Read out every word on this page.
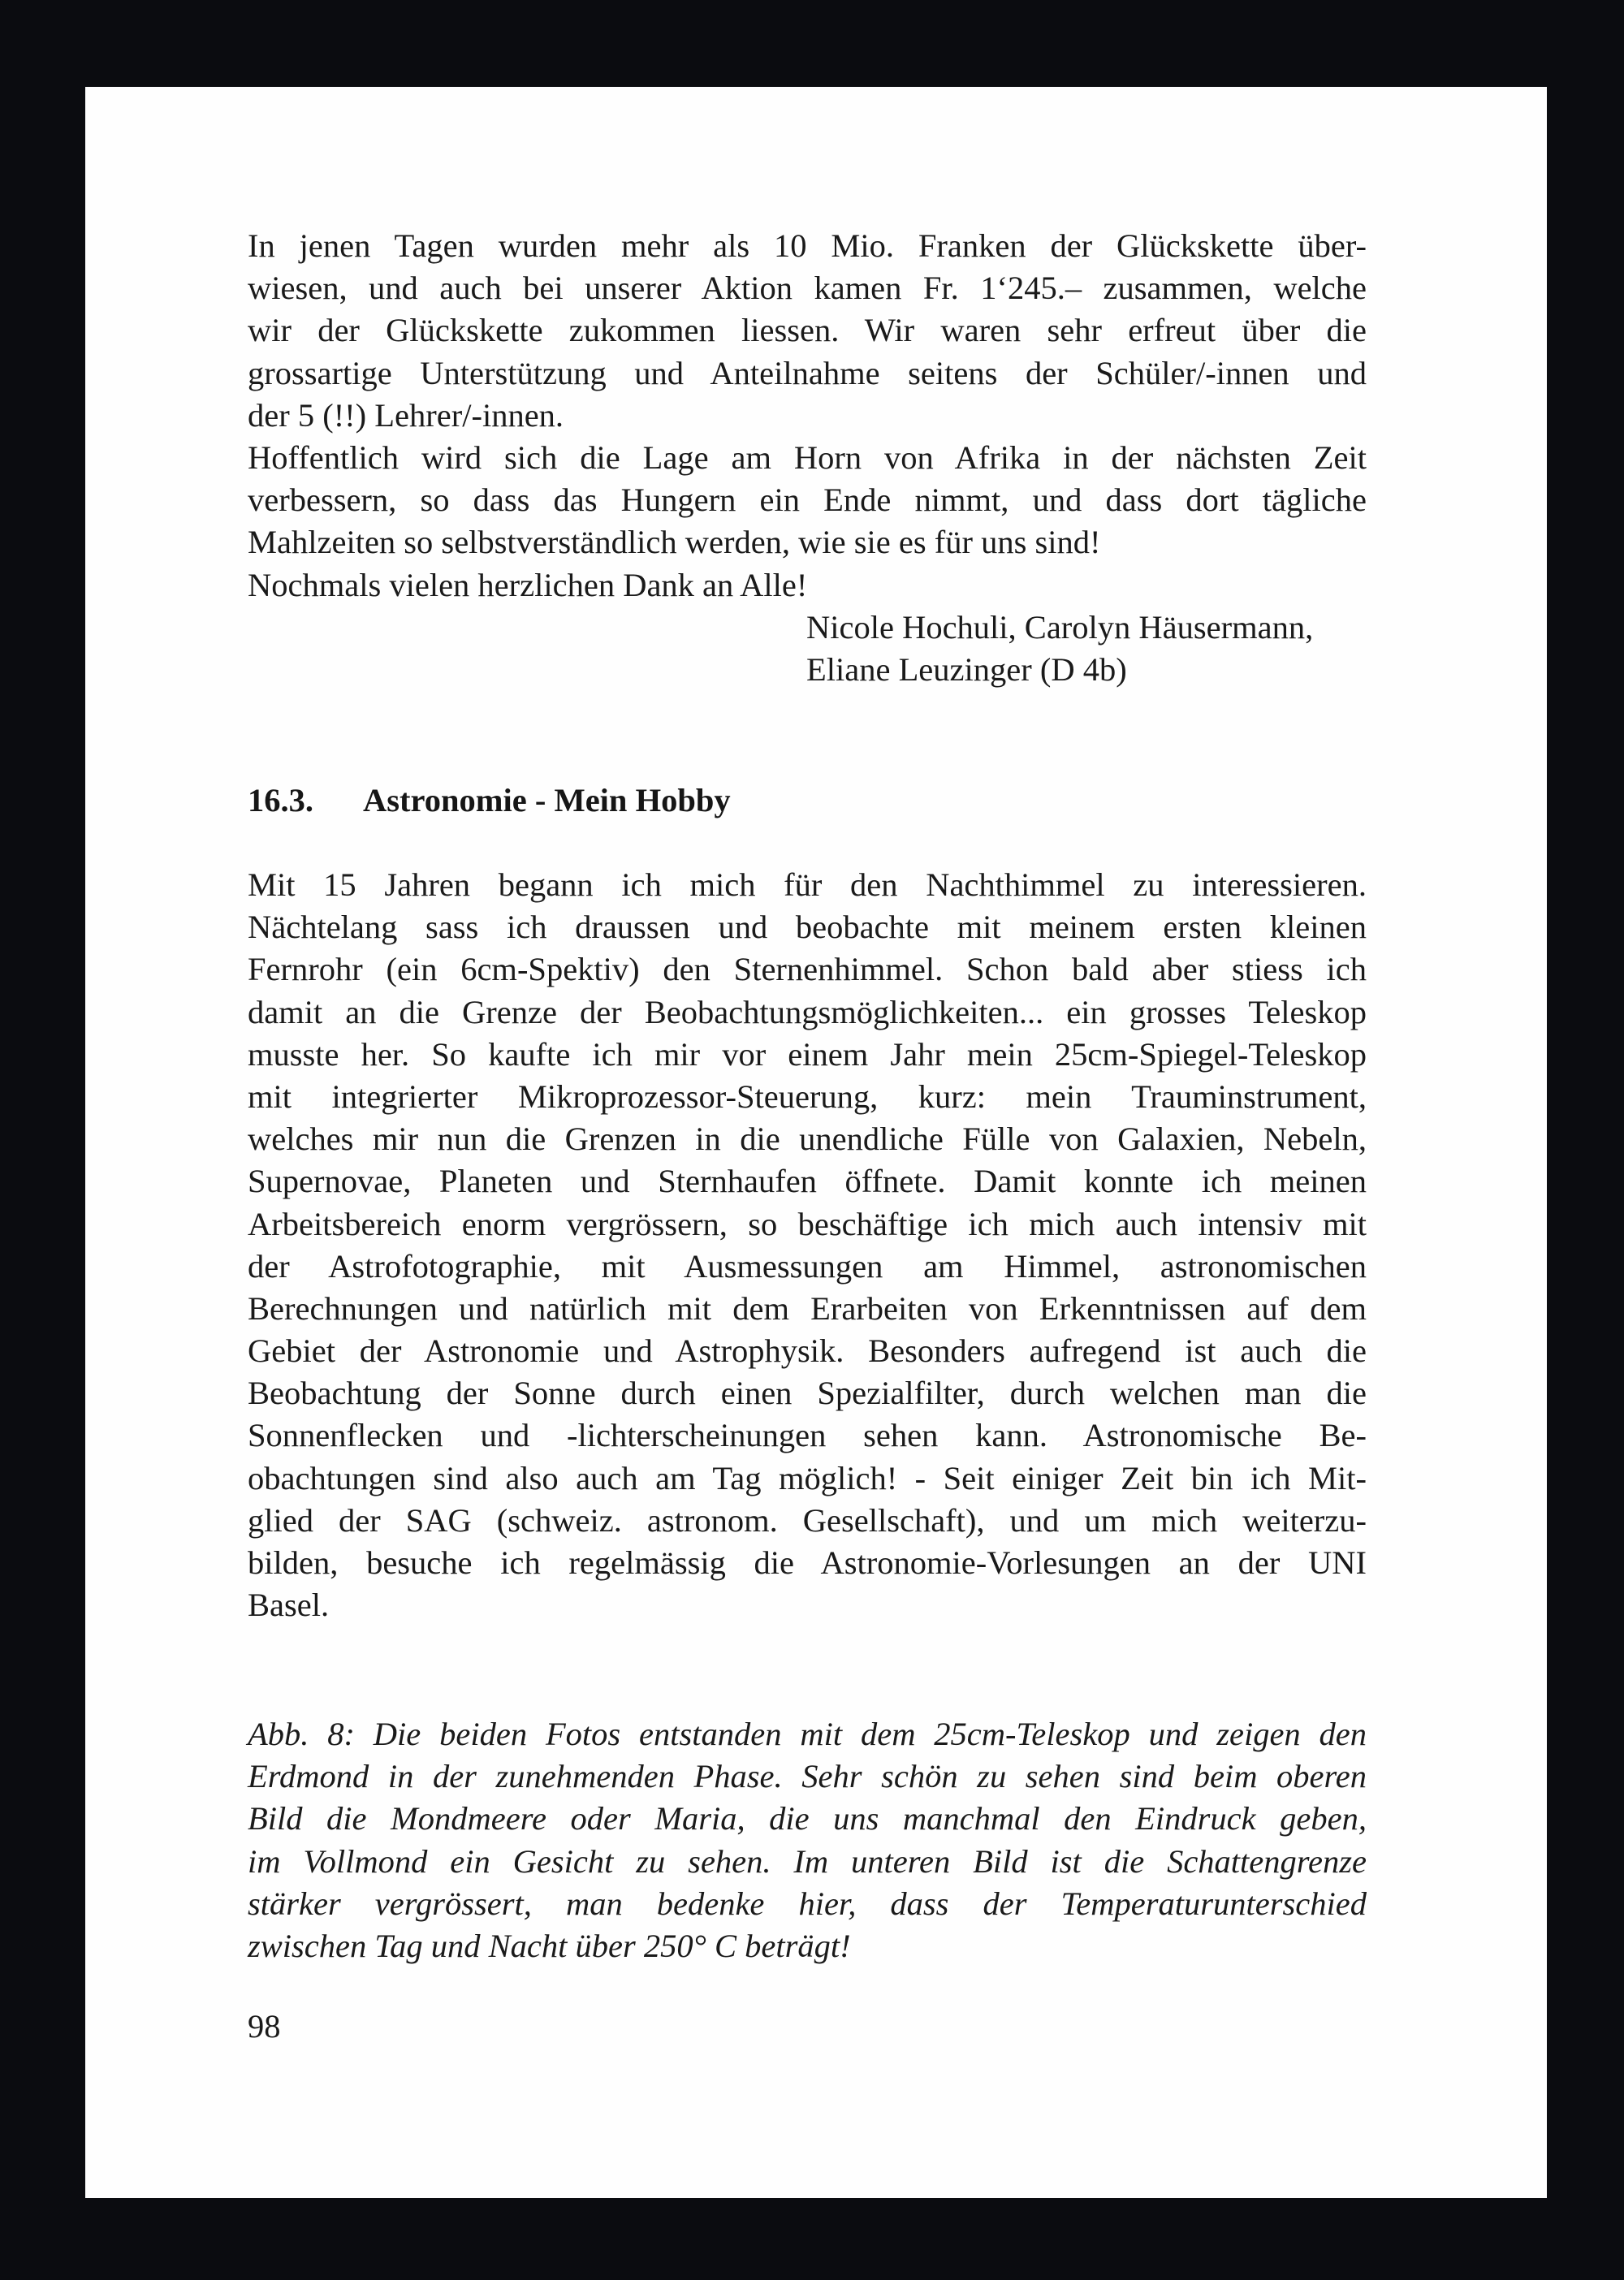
In jenen Tagen wurden mehr als 10 Mio. Franken der Glückskette über-
wiesen, und auch bei unserer Aktion kamen Fr. 1‘245.– zusammen, welche
wir der Glückskette zukommen liessen. Wir waren sehr erfreut über die
grossartige Unterstützung und Anteilnahme seitens der Schüler/-innen und
der 5 (!!) Lehrer/-innen.
Hoffentlich wird sich die Lage am Horn von Afrika in der nächsten Zeit
verbessern, so dass das Hungern ein Ende nimmt, und dass dort tägliche
Mahlzeiten so selbstverständlich werden, wie sie es für uns sind!
Nochmals vielen herzlichen Dank an Alle!
Nicole Hochuli, Carolyn Häusermann,
Eliane Leuzinger (D 4b)
16.3. Astronomie - Mein Hobby
Mit 15 Jahren begann ich mich für den Nachthimmel zu interessieren.
Nächtelang sass ich draussen und beobachte mit meinem ersten kleinen
Fernrohr (ein 6cm-Spektiv) den Sternenhimmel. Schon bald aber stiess ich
damit an die Grenze der Beobachtungsmöglichkeiten... ein grosses Teleskop
musste her. So kaufte ich mir vor einem Jahr mein 25cm-Spiegel-Teleskop
mit integrierter Mikroprozessor-Steuerung, kurz: mein Trauminstrument,
welches mir nun die Grenzen in die unendliche Fülle von Galaxien, Nebeln,
Supernovae, Planeten und Sternhaufen öffnete. Damit konnte ich meinen
Arbeitsbereich enorm vergrössern, so beschäftige ich mich auch intensiv mit
der Astrofotographie, mit Ausmessungen am Himmel, astronomischen
Berechnungen und natürlich mit dem Erarbeiten von Erkenntnissen auf dem
Gebiet der Astronomie und Astrophysik. Besonders aufregend ist auch die
Beobachtung der Sonne durch einen Spezialfilter, durch welchen man die
Sonnenflecken und -lichterscheinungen sehen kann. Astronomische Be-
obachtungen sind also auch am Tag möglich! - Seit einiger Zeit bin ich Mit-
glied der SAG (schweiz. astronom. Gesellschaft), und um mich weiterzu-
bilden, besuche ich regelmässig die Astronomie-Vorlesungen an der UNI
Basel.
Abb. 8: Die beiden Fotos entstanden mit dem 25cm-Teleskop und zeigen den
Erdmond in der zunehmenden Phase. Sehr schön zu sehen sind beim oberen
Bild die Mondmeere oder Maria, die uns manchmal den Eindruck geben,
im Vollmond ein Gesicht zu sehen. Im unteren Bild ist die Schattengrenze
stärker vergrössert, man bedenke hier, dass der Temperaturunterschied
zwischen Tag und Nacht über 250° C beträgt!
98
